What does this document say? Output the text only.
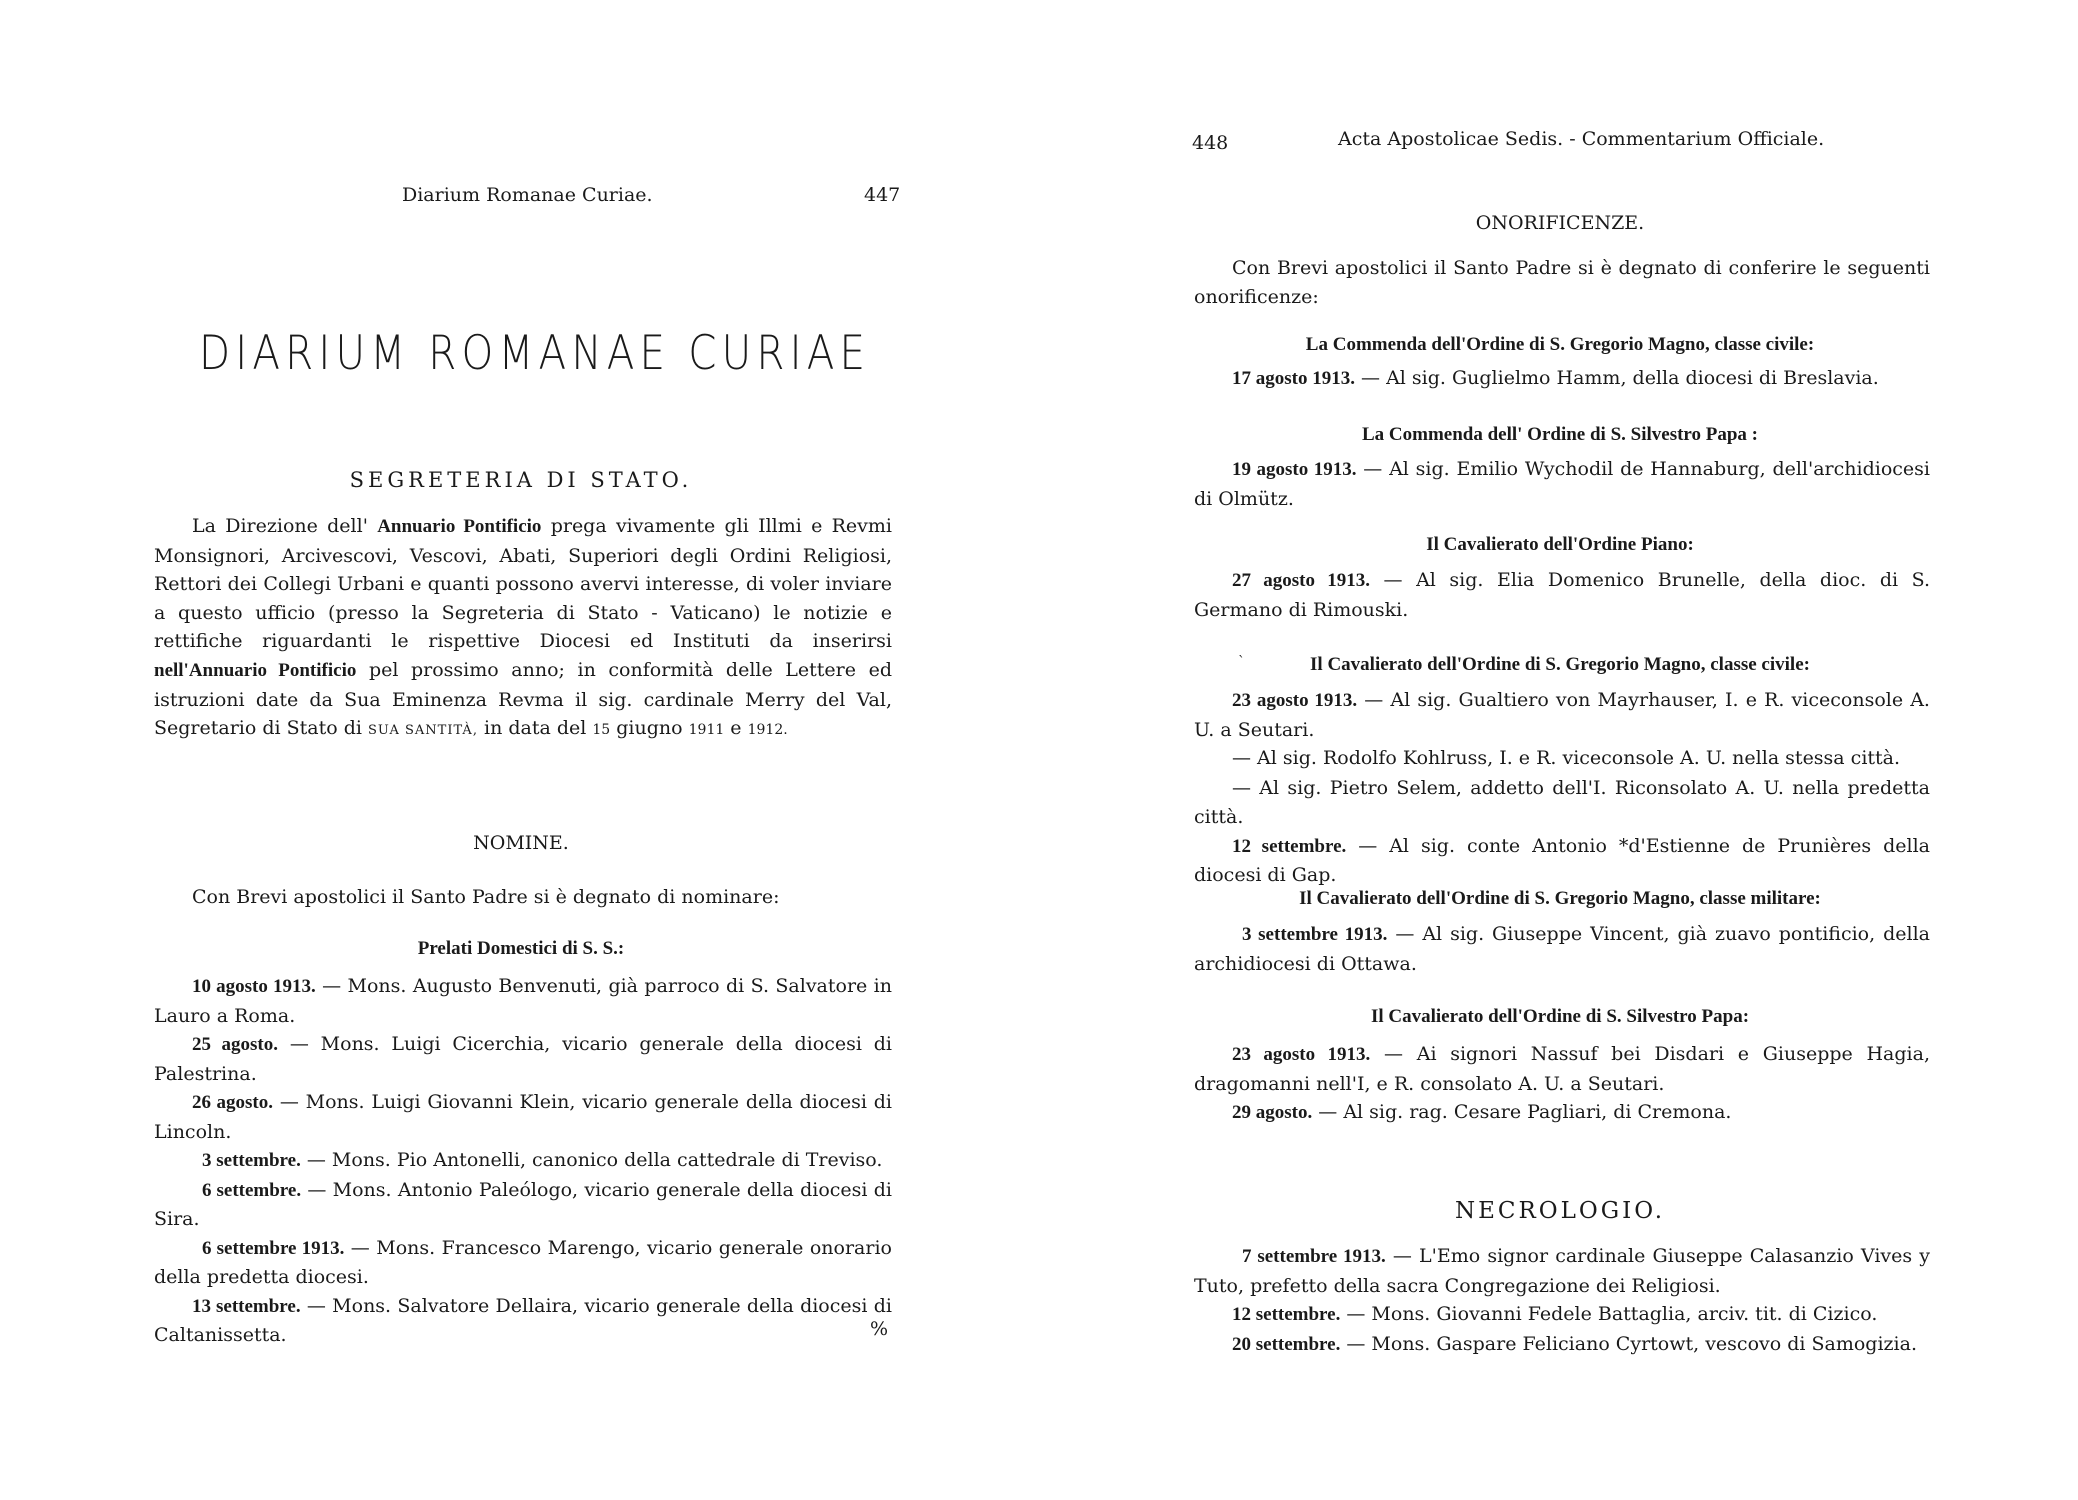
Diarium Romanae Curiae.	447
DIARIUM ROMANAE CURIAE
SEGRETERIA DI STATO.

La Direzione dell' Annuario Pontificio prega vivamente gli Illmi e Revmi Monsignori, Arcivescovi, Vescovi, Abati, Superiori degli Ordini Religiosi, Rettori dei Collegi Urbani e quanti possono avervi interesse, di voler inviare a questo ufficio (presso la Segreteria di Stato - Vaticano) le notizie e rettifiche riguardanti le rispettive Diocesi ed Instituti da inserirsi nell'Annuario Pontificio pel prossimo anno; in conformità delle Lettere ed istruzioni date da Sua Eminenza Revma il sig. cardinale Merry del Val, Segretario di Stato di SUA SANTITÀ, in data del 15 giugno 1911 e 1912.

NOMINE.
Con Brevi apostolici il Santo Padre si è degnato di nominare:
Prelati Domestici di S. S.:

10 agosto 1913. — Mons. Augusto Benvenuti, già parroco di S. Salvatore in Lauro a Roma.

25 agosto. — Mons. Luigi Cicerchia, vicario generale della diocesi di Palestrina.

26 agosto. — Mons. Luigi Giovanni Klein, vicario generale della diocesi di Lincoln.

3 settembre. — Mons. Pio Antonelli, canonico della cattedrale di Treviso.

6 settembre. — Mons. Antonio Paleólogo, vicario generale della diocesi di Sira.

6 settembre 1913. — Mons. Francesco Marengo, vicario generale onorario della predetta diocesi.

13 settembre. — Mons. Salvatore Dellaira, vicario generale della diocesi di Caltanissetta.	%
448	Acta Apostolicae Sedis. - Commentarium Officiale.
ONORIFICENZE.

Con Brevi apostolici il Santo Padre si è degnato di conferire le seguenti onorificenze:

La Commenda dell'Ordine di S. Gregorio Magno, classe civile:

17 agosto 1913. — Al sig. Guglielmo Hamm, della diocesi di Breslavia.

La Commenda dell' Ordine di S. Silvestro Papa :

19 agosto 1913. — Al sig. Emilio Wychodil de Hannaburg, dell'archidiocesi di Olmütz.

Il Cavalierato dell'Ordine Piano:

27 agosto 1913. — Al sig. Elia Domenico Brunelle, della dioc. di S. Germano di Rimouski.

`	Il Cavalierato dell'Ordine di S. Gregorio Magno, classe civile:

23 agosto 1913. — Al sig. Gualtiero von Mayrhauser, I. e R. viceconsole A. U. a Seutari.

— Al sig. Rodolfo Kohlruss, I. e R. viceconsole A. U. nella stessa città.

— Al sig. Pietro Selem, addetto dell'I. Riconsolato A. U. nella predetta città.

12 settembre. — Al sig. conte Antonio *d'Estienne de Prunières della diocesi di Gap.

Il Cavalierato dell'Ordine di S. Gregorio Magno, classe militare:

3 settembre 1913. — Al sig. Giuseppe Vincent, già zuavo pontificio, della archidiocesi di Ottawa.

Il Cavalierato dell'Ordine di S. Silvestro Papa:

23 agosto 1913. — Ai signori Nassuf bei Disdari e Giuseppe Hagia, dragomanni nell'I, e R. consolato A. U. a Seutari.

29 agosto. — Al sig. rag. Cesare Pagliari, di Cremona.

NECROLOGIO.

7 settembre 1913. — L'Emo signor cardinale Giuseppe Calasanzio Vives y Tuto, prefetto della sacra Congregazione dei Religiosi.

12 settembre. — Mons. Giovanni Fedele Battaglia, arciv. tit. di Cizico.

20 settembre. — Mons. Gaspare Feliciano Cyrtowt, vescovo di Samogizia.
